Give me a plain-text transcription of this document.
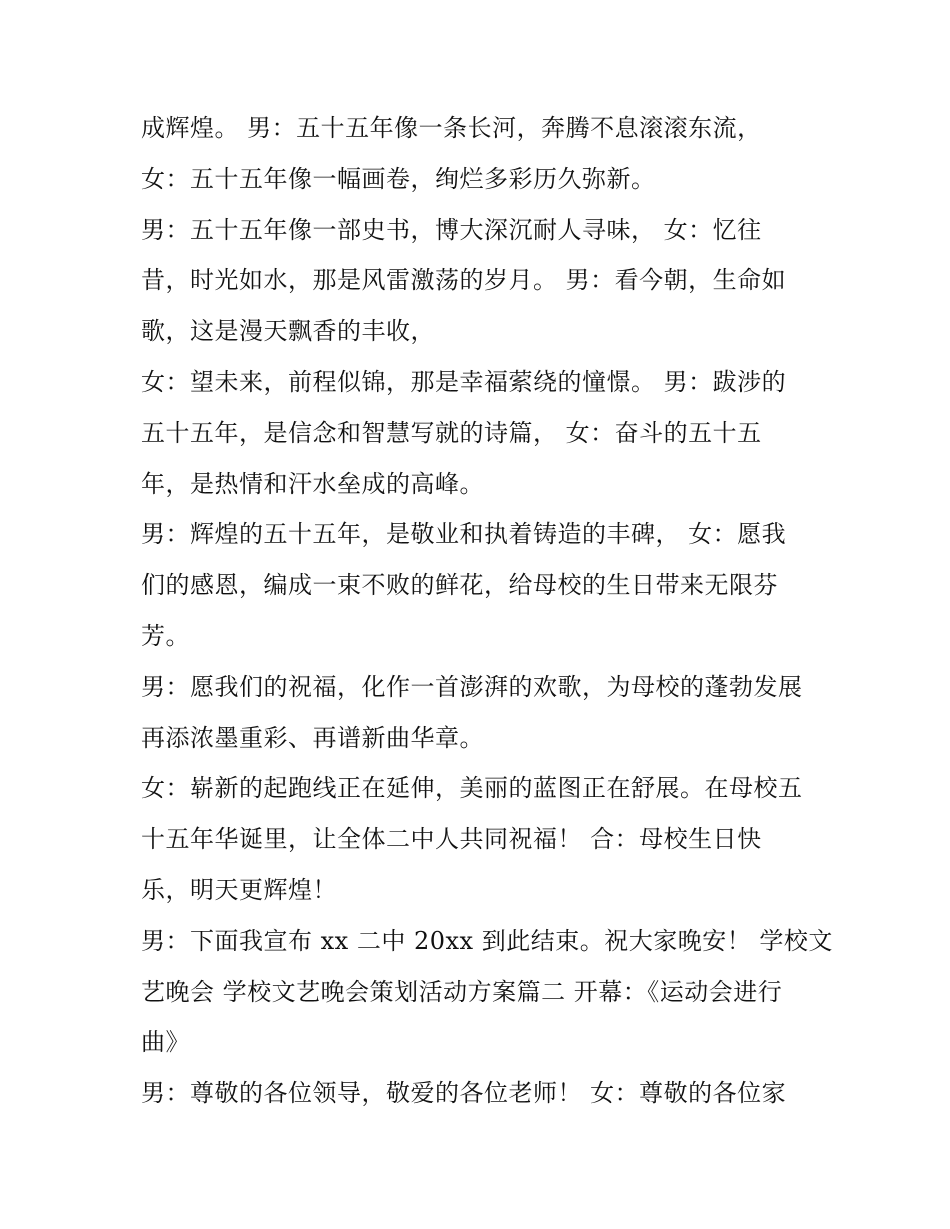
成辉煌。 男：五十五年像一条长河，奔腾不息滚滚东流，
女：五十五年像一幅画卷，绚烂多彩历久弥新。
男：五十五年像一部史书，博大深沉耐人寻味， 女：忆往
昔，时光如水，那是风雷激荡的岁月。 男：看今朝，生命如
歌，这是漫天飘香的丰收，
女：望未来，前程似锦，那是幸福萦绕的憧憬。 男：跋涉的
五十五年，是信念和智慧写就的诗篇， 女：奋斗的五十五
年，是热情和汗水垒成的高峰。
男：辉煌的五十五年，是敬业和执着铸造的丰碑， 女：愿我
们的感恩，编成一束不败的鲜花，给母校的生日带来无限芬
芳。
男：愿我们的祝福，化作一首澎湃的欢歌，为母校的蓬勃发展
再添浓墨重彩、再谱新曲华章。
女：崭新的起跑线正在延伸，美丽的蓝图正在舒展。在母校五
十五年华诞里，让全体二中人共同祝福！ 合：母校生日快
乐，明天更辉煌！
男：下面我宣布 xx 二中 20xx 到此结束。祝大家晚安！ 学校文
艺晚会 学校文艺晚会策划活动方案篇二 开幕：《运动会进行
曲》
男：尊敬的各位领导，敬爱的各位老师！ 女：尊敬的各位家
